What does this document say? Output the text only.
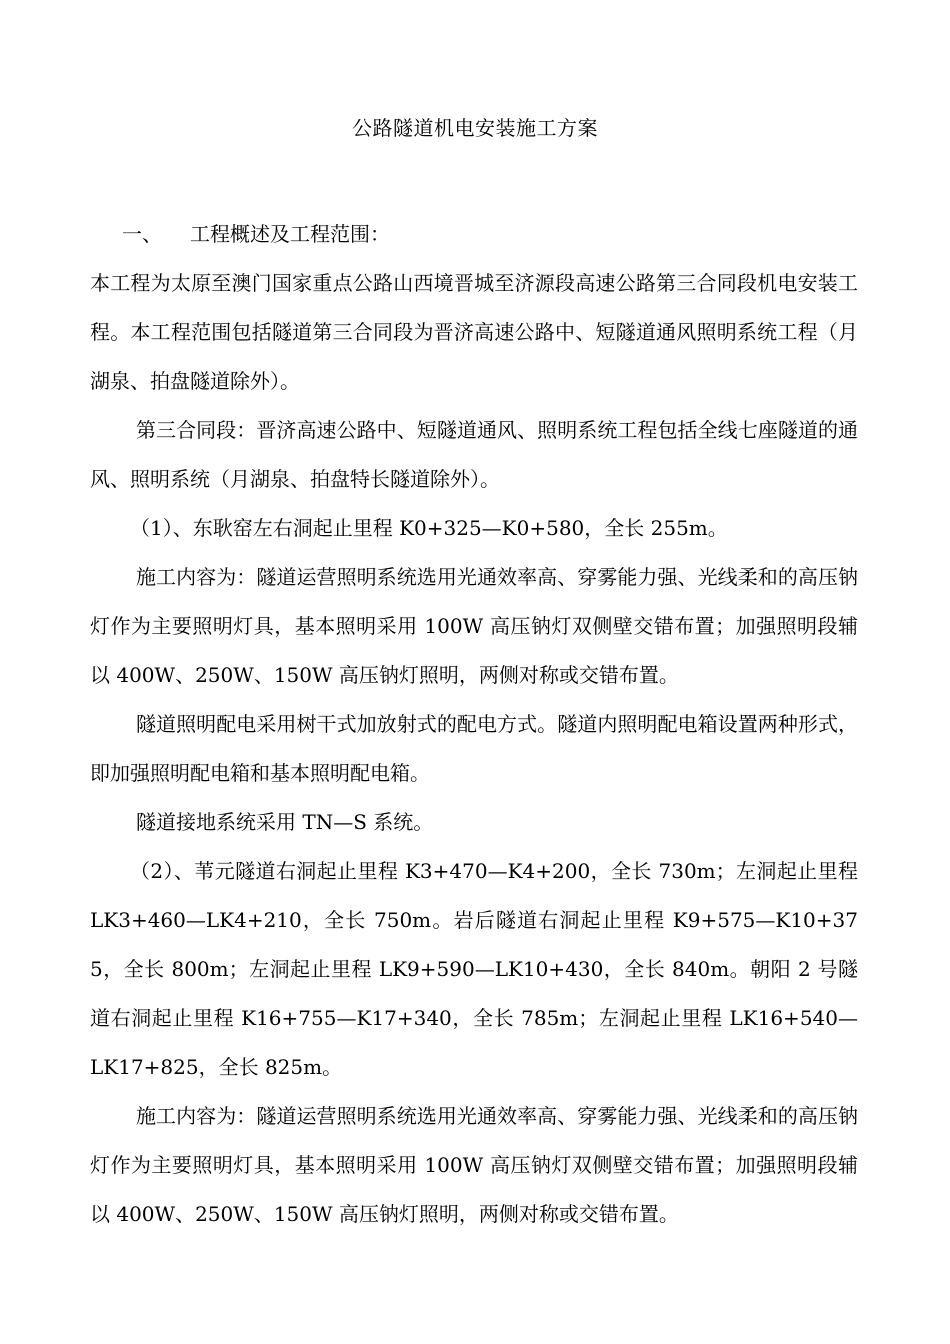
公路隧道机电安装施工方案

一、 工程概述及工程范围：

本工程为太原至澳门国家重点公路山西境晋城至济源段高速公路第三合同段机电安装工程。本工程范围包括隧道第三合同段为晋济高速公路中、短隧道通风照明系统工程（月湖泉、拍盘隧道除外）。

第三合同段：晋济高速公路中、短隧道通风、照明系统工程包括全线七座隧道的通风、照明系统（月湖泉、拍盘特长隧道除外）。

（1）、东耿窑左右洞起止里程 K0+325—K0+580，全长 255m。

施工内容为：隧道运营照明系统选用光通效率高、穿雾能力强、光线柔和的高压钠灯作为主要照明灯具，基本照明采用 100W 高压钠灯双侧壁交错布置；加强照明段辅以 400W、250W、150W 高压钠灯照明，两侧对称或交错布置。

隧道照明配电采用树干式加放射式的配电方式。隧道内照明配电箱设置两种形式，即加强照明配电箱和基本照明配电箱。

隧道接地系统采用 TN—S 系统。

（2）、苇元隧道右洞起止里程 K3+470—K4+200，全长 730m；左洞起止里程 LK3+460—LK4+210，全长 750m。岩后隧道右洞起止里程 K9+575—K10+375，全长 800m；左洞起止里程 LK9+590—LK10+430，全长 840m。朝阳 2 号隧道右洞起止里程 K16+755—K17+340，全长 785m；左洞起止里程 LK16+540—LK17+825，全长 825m。

施工内容为：隧道运营照明系统选用光通效率高、穿雾能力强、光线柔和的高压钠灯作为主要照明灯具，基本照明采用 100W 高压钠灯双侧壁交错布置；加强照明段辅以 400W、250W、150W 高压钠灯照明，两侧对称或交错布置。
